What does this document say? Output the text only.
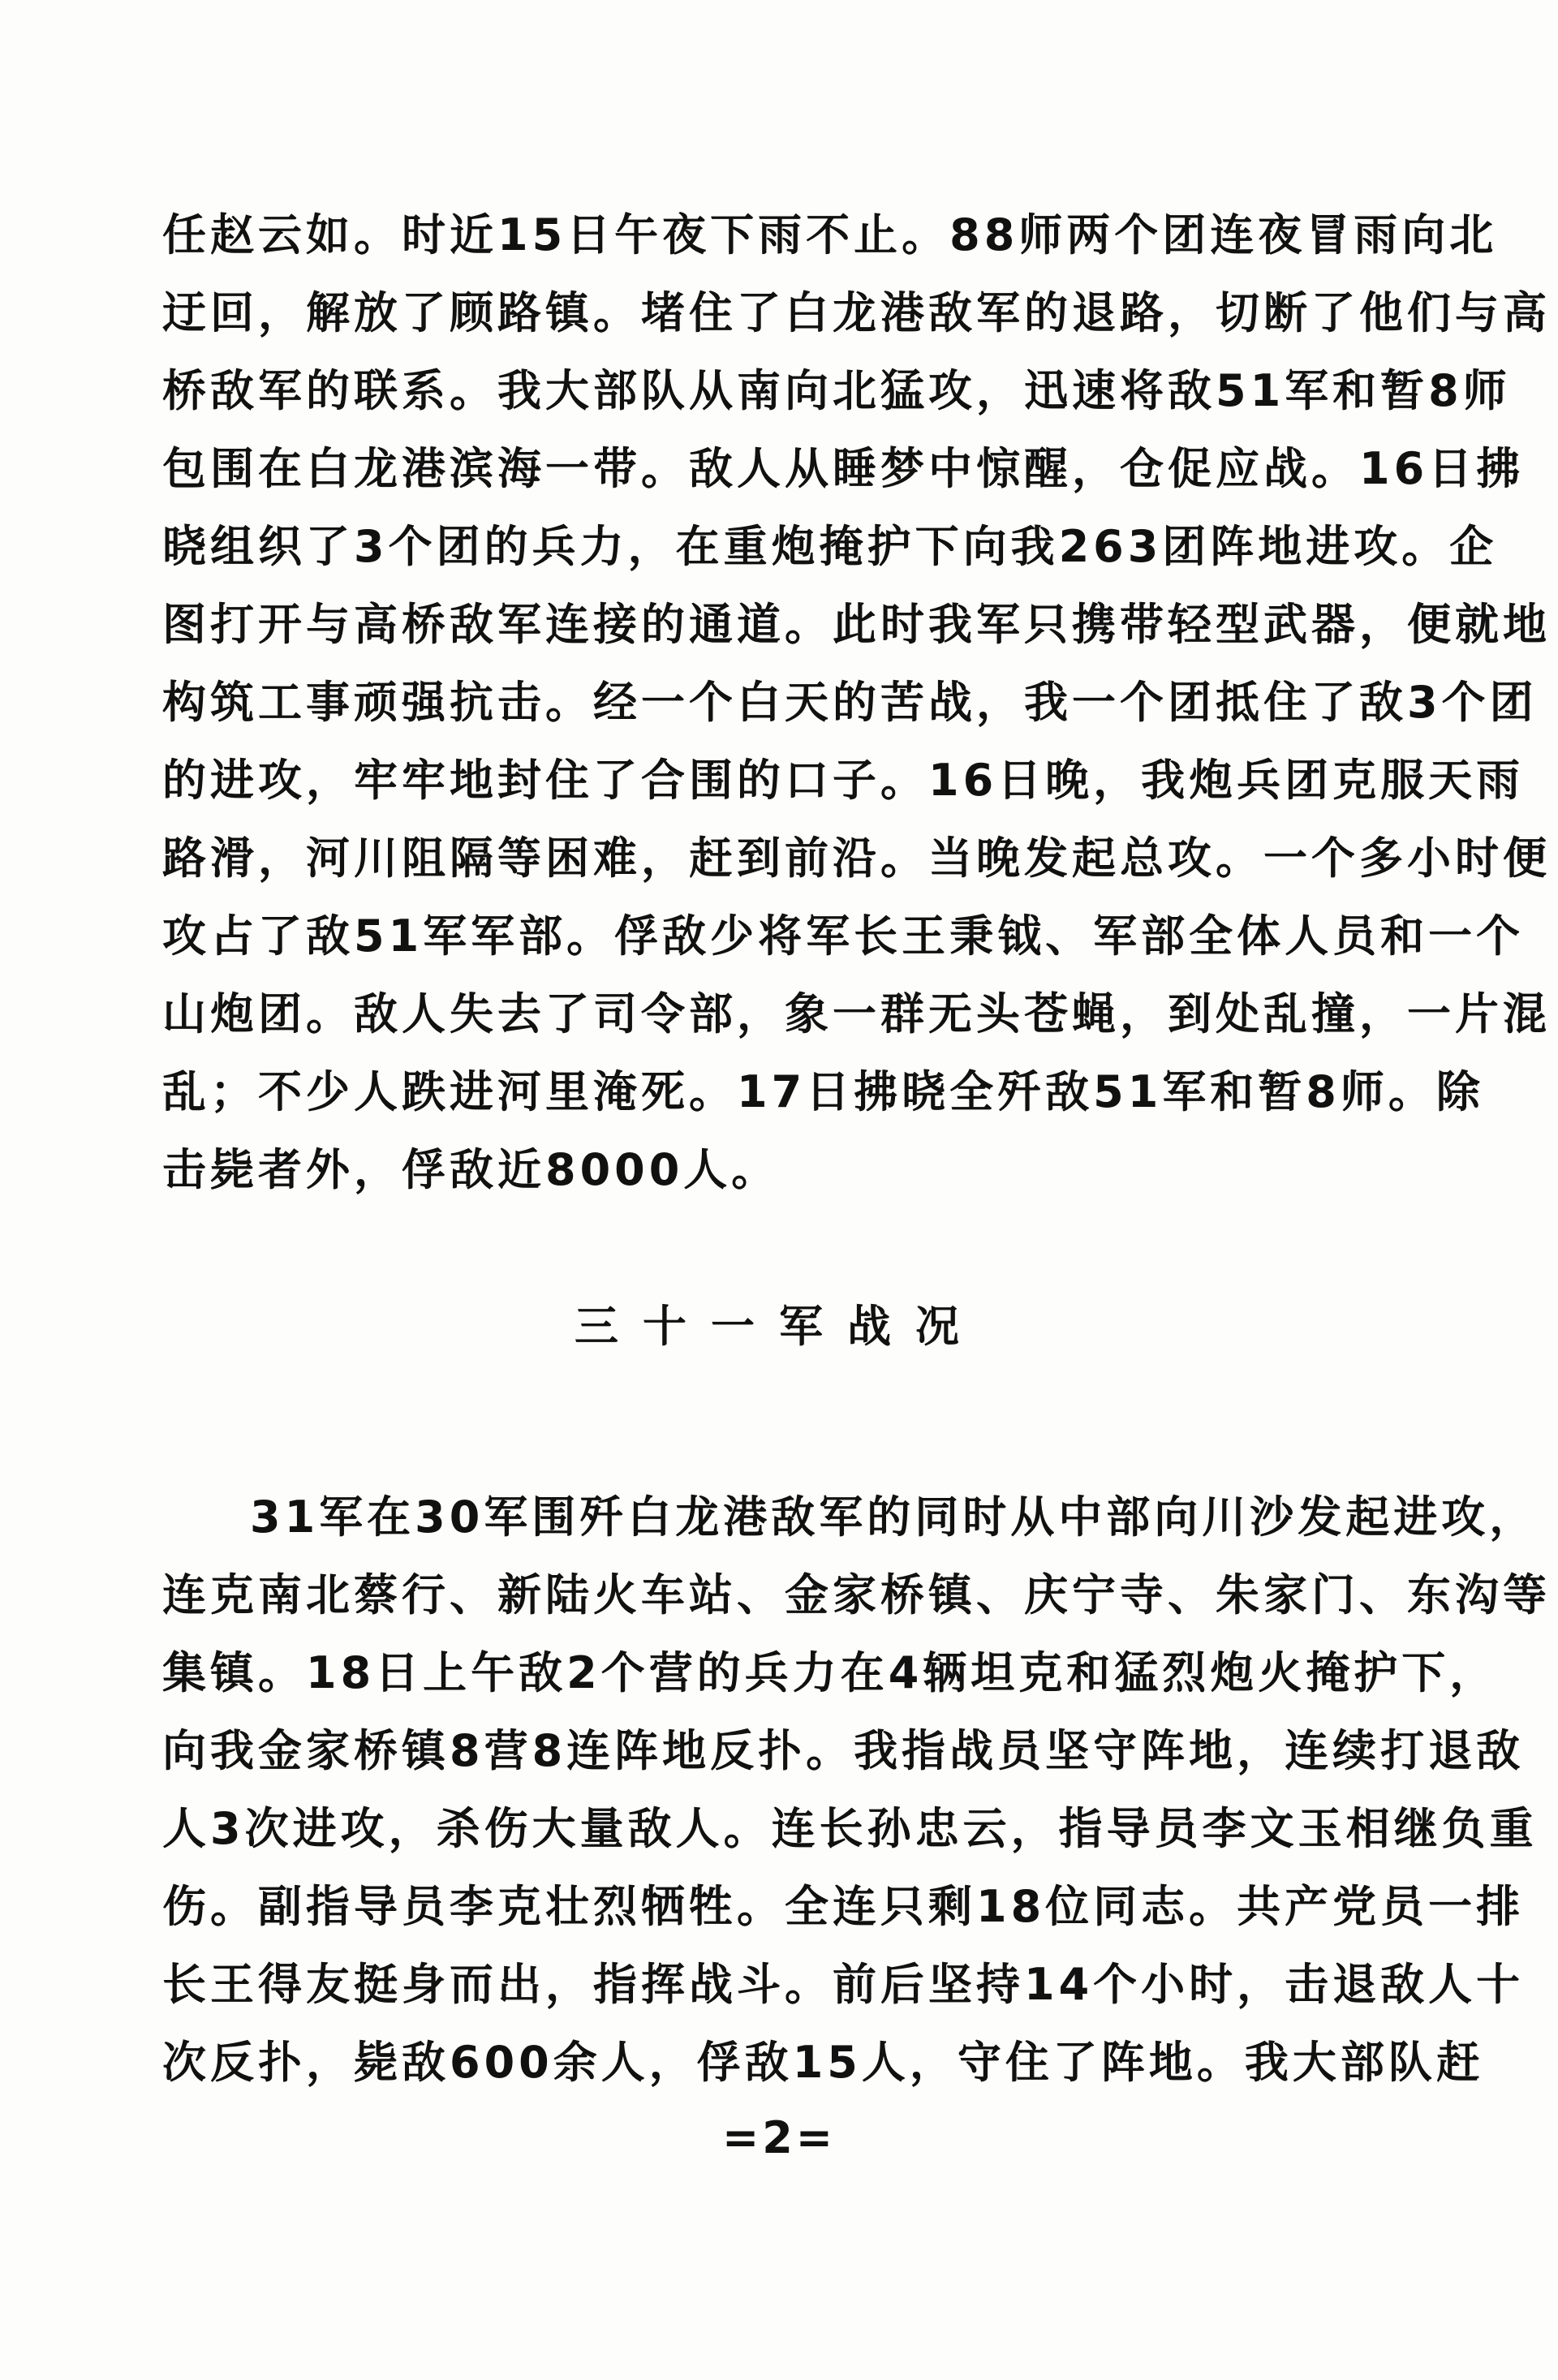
任赵云如。时近15日午夜下雨不止。88师两个团连夜冒雨向北
迂回，解放了顾路镇。堵住了白龙港敌军的退路，切断了他们与高
桥敌军的联系。我大部队从南向北猛攻，迅速将敌51军和暂8师
包围在白龙港滨海一带。敌人从睡梦中惊醒，仓促应战。16日拂
晓组织了3个团的兵力，在重炮掩护下向我263团阵地进攻。企
图打开与高桥敌军连接的通道。此时我军只携带轻型武器，便就地
构筑工事顽强抗击。经一个白天的苦战，我一个团抵住了敌3个团
的进攻，牢牢地封住了合围的口子。16日晚，我炮兵团克服天雨
路滑，河川阻隔等困难，赶到前沿。当晚发起总攻。一个多小时便
攻占了敌51军军部。俘敌少将军长王秉钺、军部全体人员和一个
山炮团。敌人失去了司令部，象一群无头苍蝇，到处乱撞，一片混
乱；不少人跌进河里淹死。17日拂晓全歼敌51军和暂8师。除
击毙者外，俘敌近8000人。
三十一军战况
31军在30军围歼白龙港敌军的同时从中部向川沙发起进攻，
连克南北蔡行、新陆火车站、金家桥镇、庆宁寺、朱家门、东沟等
集镇。18日上午敌2个营的兵力在4辆坦克和猛烈炮火掩护下，
向我金家桥镇8营8连阵地反扑。我指战员坚守阵地，连续打退敌
人3次进攻，杀伤大量敌人。连长孙忠云，指导员李文玉相继负重
伤。副指导员李克壮烈牺牲。全连只剩18位同志。共产党员一排
长王得友挺身而出，指挥战斗。前后坚持14个小时，击退敌人十
次反扑，毙敌600余人，俘敌15人，守住了阵地。我大部队赶
=2=
